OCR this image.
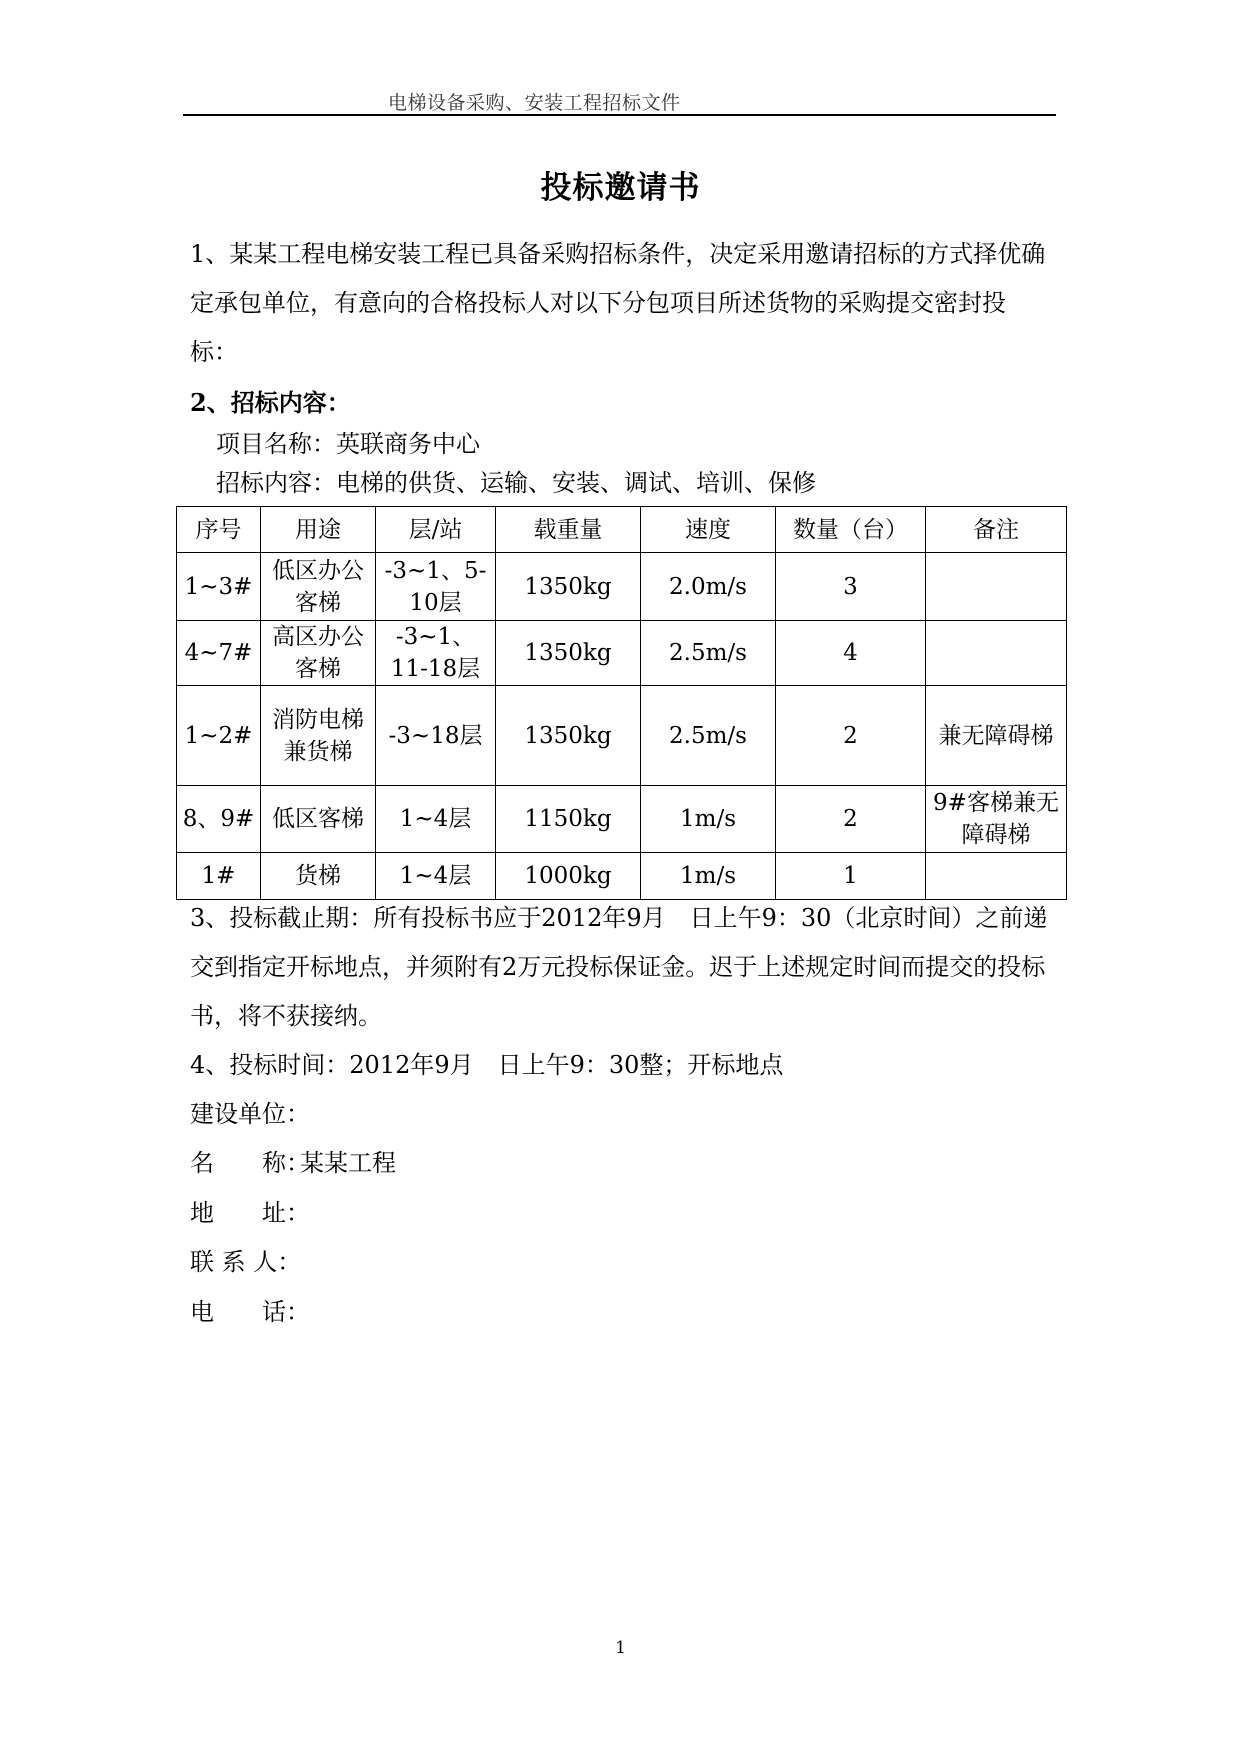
电梯设备采购、安装工程招标文件
投标邀请书
1、某某工程电梯安装工程已具备采购招标条件，决定采用邀请招标的方式择优确定承包单位，有意向的合格投标人对以下分包项目所述货物的采购提交密封投标：
2、招标内容：
项目名称：英联商务中心
招标内容：电梯的供货、运输、安装、调试、培训、保修
序号	用途	层/站	载重量	速度	数量（台）	备注
1~3#	低区办公客梯	-3~1、5-10层	1350kg	2.0m/s	3	
4~7#	高区办公客梯	-3~1、11-18层	1350kg	2.5m/s	4	
1~2#	消防电梯兼货梯	-3~18层	1350kg	2.5m/s	2	兼无障碍梯
8、9#	低区客梯	1~4层	1150kg	1m/s	2	9#客梯兼无障碍梯
1#	货梯	1~4层	1000kg	1m/s	1	
3、投标截止期：所有投标书应于2012年9月　日上午9：30（北京时间）之前递交到指定开标地点，并须附有2万元投标保证金。迟于上述规定时间而提交的投标书，将不获接纳。
4、投标时间：2012年9月　日上午9：30整；开标地点
建设单位：
名　　称：某某工程
地　　址：
联 系 人：
电　　话：
1
